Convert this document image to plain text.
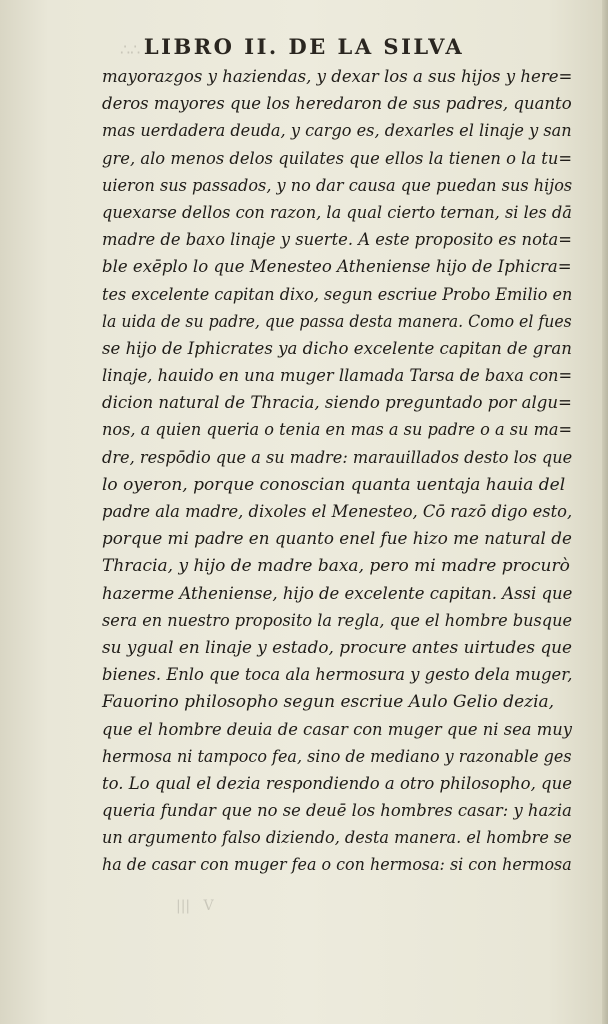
∴∴
|||   V
LIBRO II. DE LA SILVA
mayorazgos y haziendas, y dexar los a sus hijos y here=
deros mayores que los heredaron de sus padres, quanto
mas uerdadera deuda, y cargo es, dexarles el linaje y san
gre, alo menos delos quilates que ellos la tienen o la tu=
uieron sus passados, y no dar causa que puedan sus hijos
quexarse dellos con razon, la qual cierto ternan, si les dā
madre de baxo linaje y suerte. A este proposito es nota=
ble exēplo lo que Menesteo Atheniense hijo de Iphicra=
tes excelente capitan dixo, segun escriue Probo Emilio en
la uida de su padre, que passa desta manera. Como el fues
se hijo de Iphicrates ya dicho excelente capitan de gran
linaje, hauido en una muger llamada Tarsa de baxa con=
dicion natural de Thracia, siendo preguntado por algu=
nos, a quien queria o tenia en mas a su padre o a su ma=
dre, respōdio que a su madre: marauillados desto los que
lo oyeron, porque conoscian quanta uentaja hauia del
padre ala madre, dixoles el Menesteo, Cō razō digo esto,
porque mi padre en quanto enel fue hizo me natural de
Thracia, y hijo de madre baxa, pero mi madre procurò
hazerme Atheniense, hijo de excelente capitan. Assi que
sera en nuestro proposito la regla, que el hombre busque
su ygual en linaje y estado, procure antes uirtudes que
bienes. Enlo que toca ala hermosura y gesto dela muger,
Fauorino philosopho segun escriue Aulo Gelio dezia,
que el hombre deuia de casar con muger que ni sea muy
hermosa ni tampoco fea, sino de mediano y razonable ges
to. Lo qual el dezia respondiendo a otro philosopho, que
queria fundar que no se deuē los hombres casar: y hazia
un argumento falso diziendo, desta manera. el hombre se
ha de casar con muger fea o con hermosa: si con hermosa
